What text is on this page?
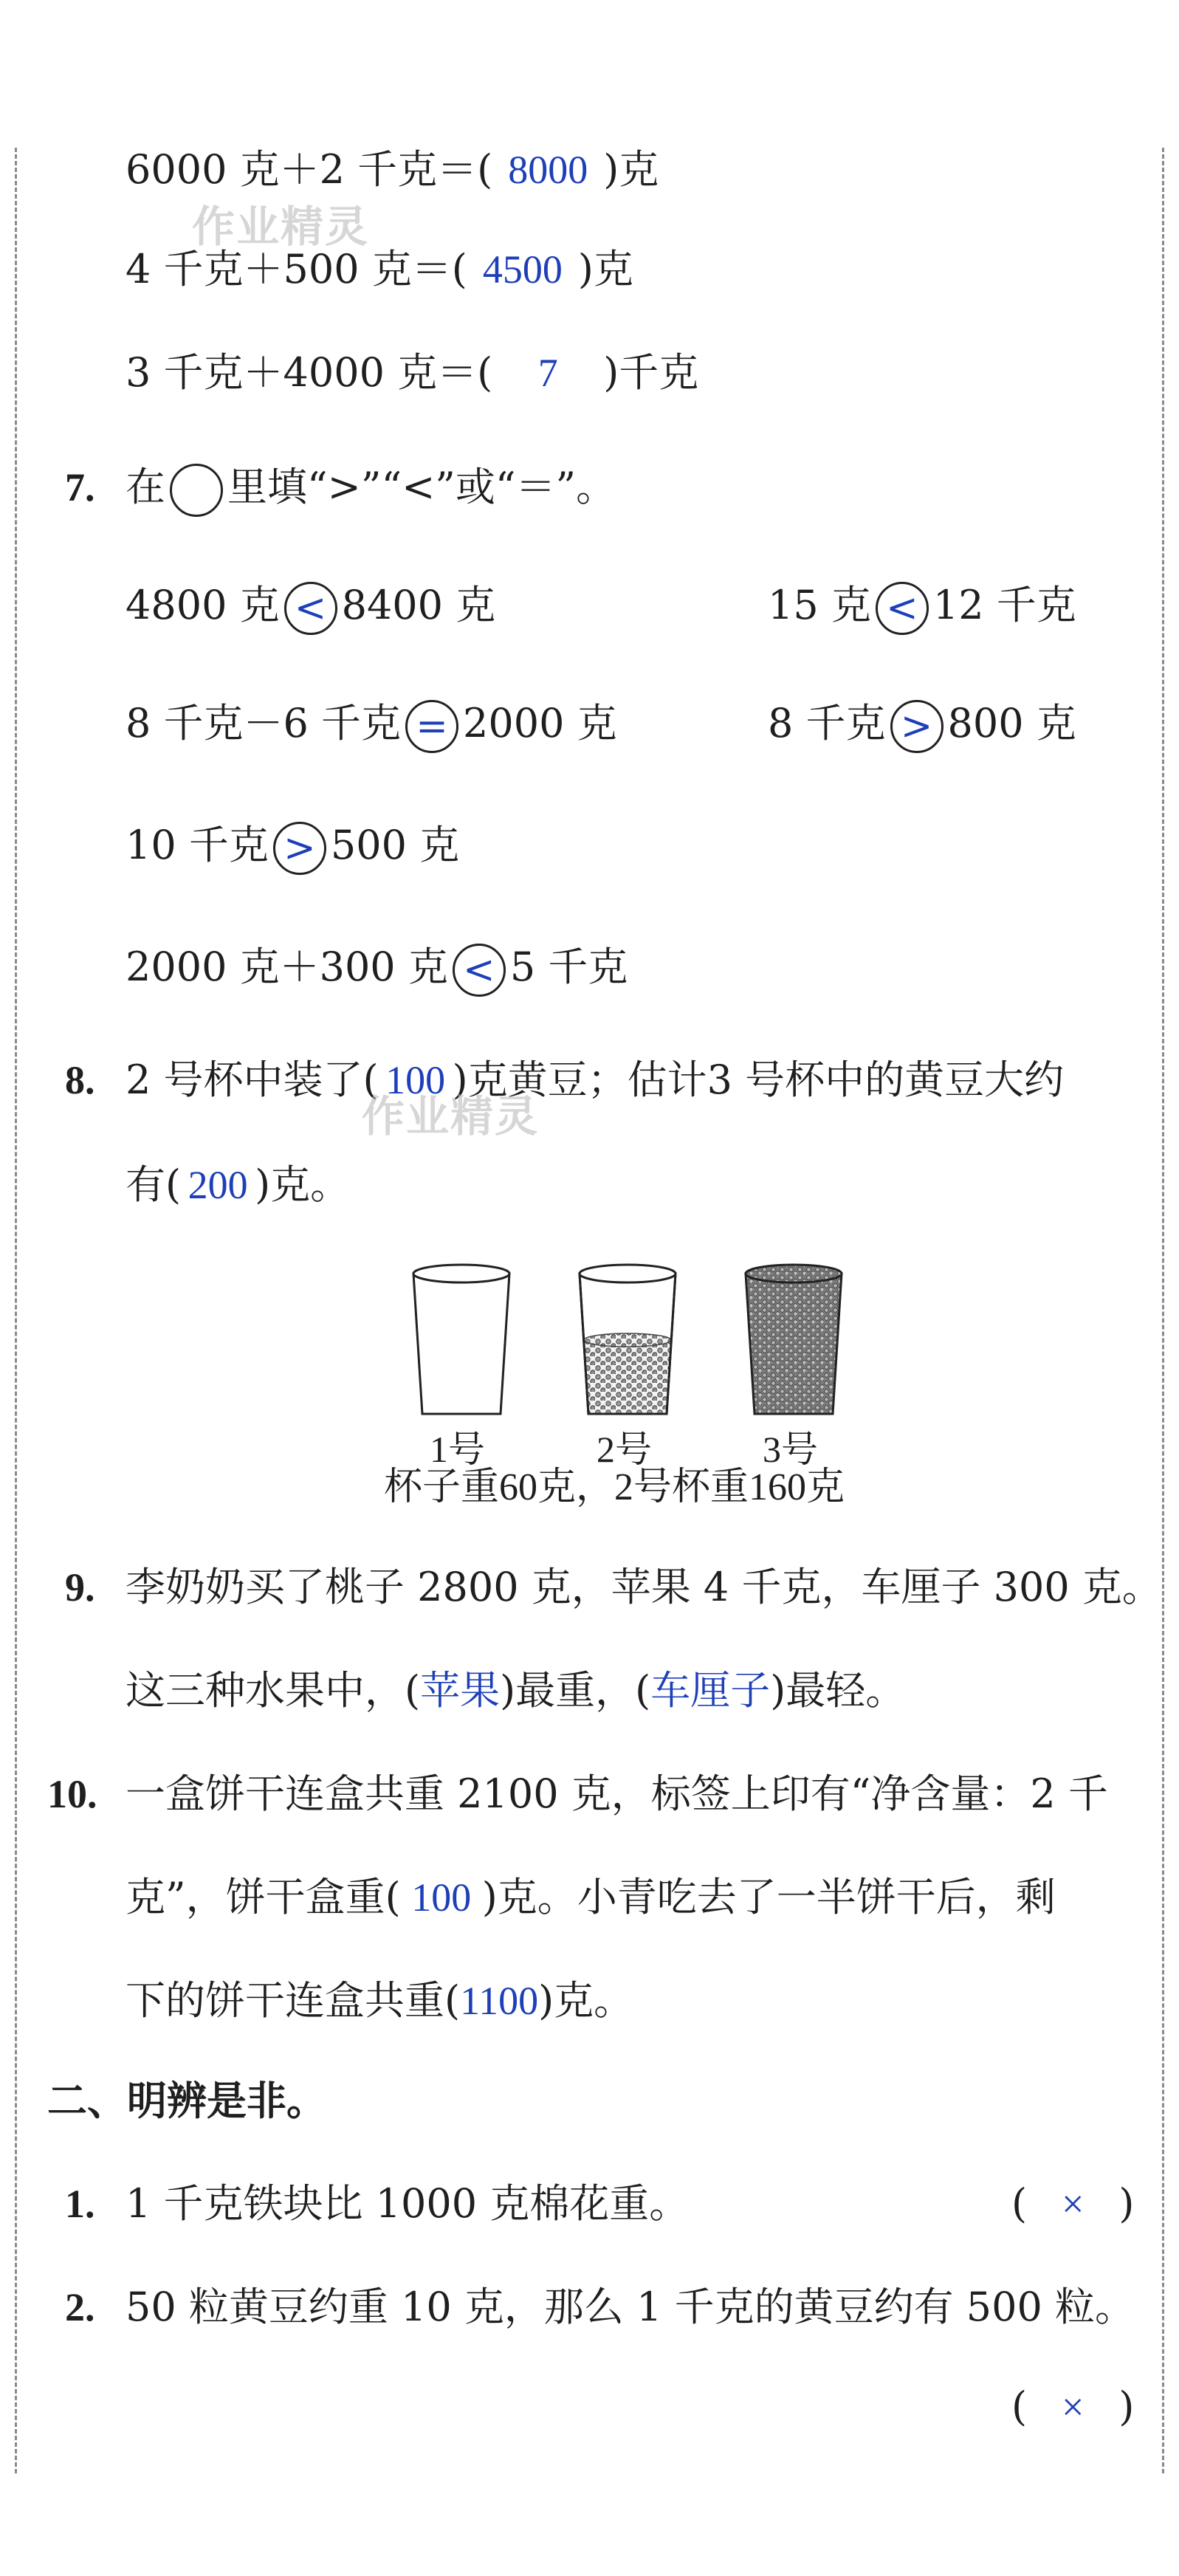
6000 克＋2 千克＝( 8000 )克
作业精灵
4 千克＋500 克＝( 4500 )克
3 千克＋4000 克＝( 7 )千克
7. 在 里填“>”“<”或“＝”。
4800 克 < 8400 克	15 克 < 12 千克
8 千克－6 千克 = 2000 克	8 千克 > 800 克
10 千克 > 500 克
2000 克＋300 克 < 5 千克
8. 2 号杯中装了( 100 )克黄豆；估计3 号杯中的黄豆大约
作业精灵
有( 200 )克。
1号	2号	3号
杯子重60克，2号杯重160克
9. 李奶奶买了桃子 2800 克，苹果 4 千克，车厘子 300 克。
这三种水果中，(苹果)最重，(车厘子)最轻。
10. 一盒饼干连盒共重 2100 克，标签上印有“净含量：2 千
克”，饼干盒重( 100 )克。小青吃去了一半饼干后，剩
下的饼干连盒共重(1100)克。
二、明辨是非。
1. 1 千克铁块比 1000 克棉花重。	( × )
2. 50 粒黄豆约重 10 克，那么 1 千克的黄豆约有 500 粒。
( × )
